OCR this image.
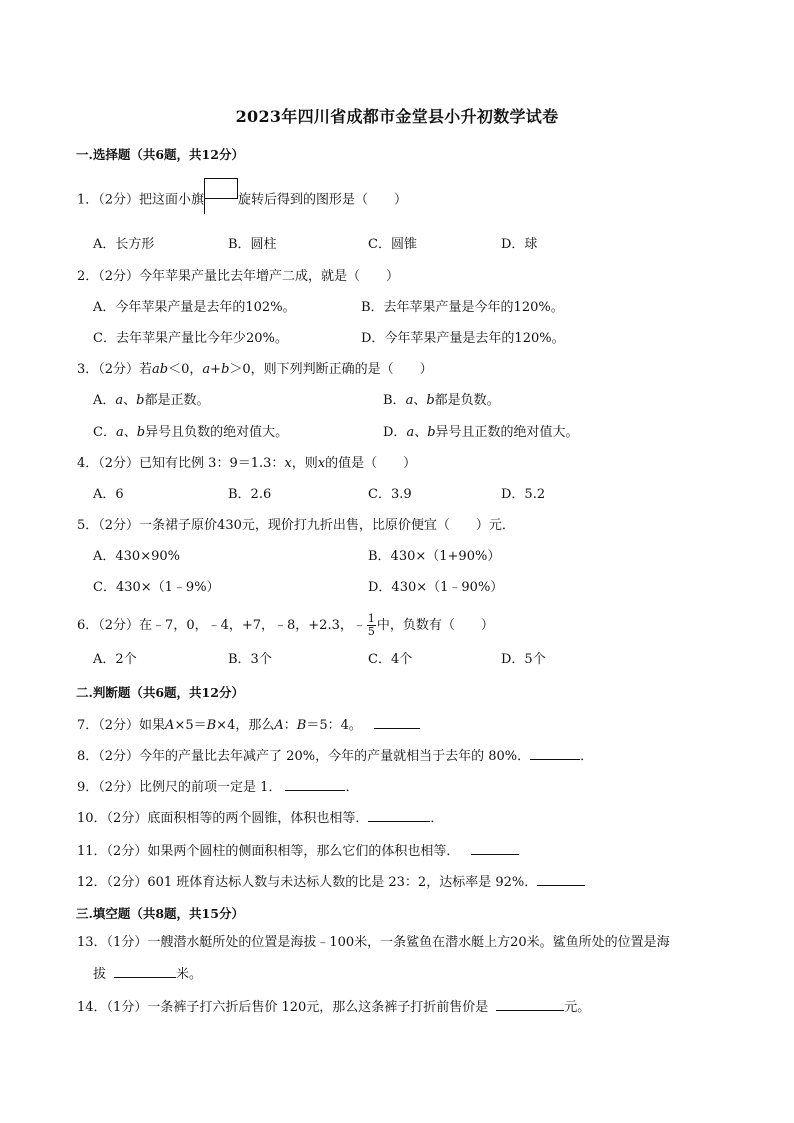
2023年四川省成都市金堂县小升初数学试卷
一.选择题（共6题，共12分）
1．（2分）把这面小旗	旋转后得到的图形是（　　）
A．长方形	B．圆柱	C．圆锥	D．球
2．（2分）今年苹果产量比去年增产二成，就是（　　）
A．今年苹果产量是去年的102%。	B．去年苹果产量是今年的120%。
C．去年苹果产量比今年少20%。	D．今年苹果产量是去年的120%。
3．（2分）若ab＜0，a+b＞0，则下列判断正确的是（　　）
A．a、b都是正数。	B．a、b都是负数。
C．a、b异号且负数的绝对值大。	D．a、b异号且正数的绝对值大。
4．（2分）已知有比例 3：9＝1.3：x，则x的值是（　　）
A．6	B．2.6	C．3.9	D．5.2
5．（2分）一条裙子原价430元，现价打九折出售，比原价便宜（　　）元．
A．430×90%	B．430×（1+90%）
C．430×（1﹣9%）	D．430×（1﹣90%）
6．（2分）在﹣7，0，﹣4，+7，﹣8，+2.3，﹣ $\frac{1}{5}$ 中，负数有（　　）
A．2个	B．3个	C．4个	D．5个
二.判断题（共6题，共12分）
7．（2分）如果A×5＝B×4，那么A：B＝5：4。
8．（2分）今年的产量比去年减产了 20%，今年的产量就相当于去年的 80%．	．
9．（2分）比例尺的前项一定是 1．	．
10．（2分）底面积相等的两个圆锥，体积也相等．	．
11．（2分）如果两个圆柱的侧面积相等，那么它们的体积也相等．
12．（2分）601 班体育达标人数与未达标人数的比是 23：2，达标率是 92%．
三.填空题（共8题，共15分）
13．（1分）一艘潜水艇所处的位置是海拔﹣100米，一条鲨鱼在潜水艇上方20米。鲨鱼所处的位置是海
拔	米。
14．（1分）一条裤子打六折后售价 120元，那么这条裤子打折前售价是	元。
